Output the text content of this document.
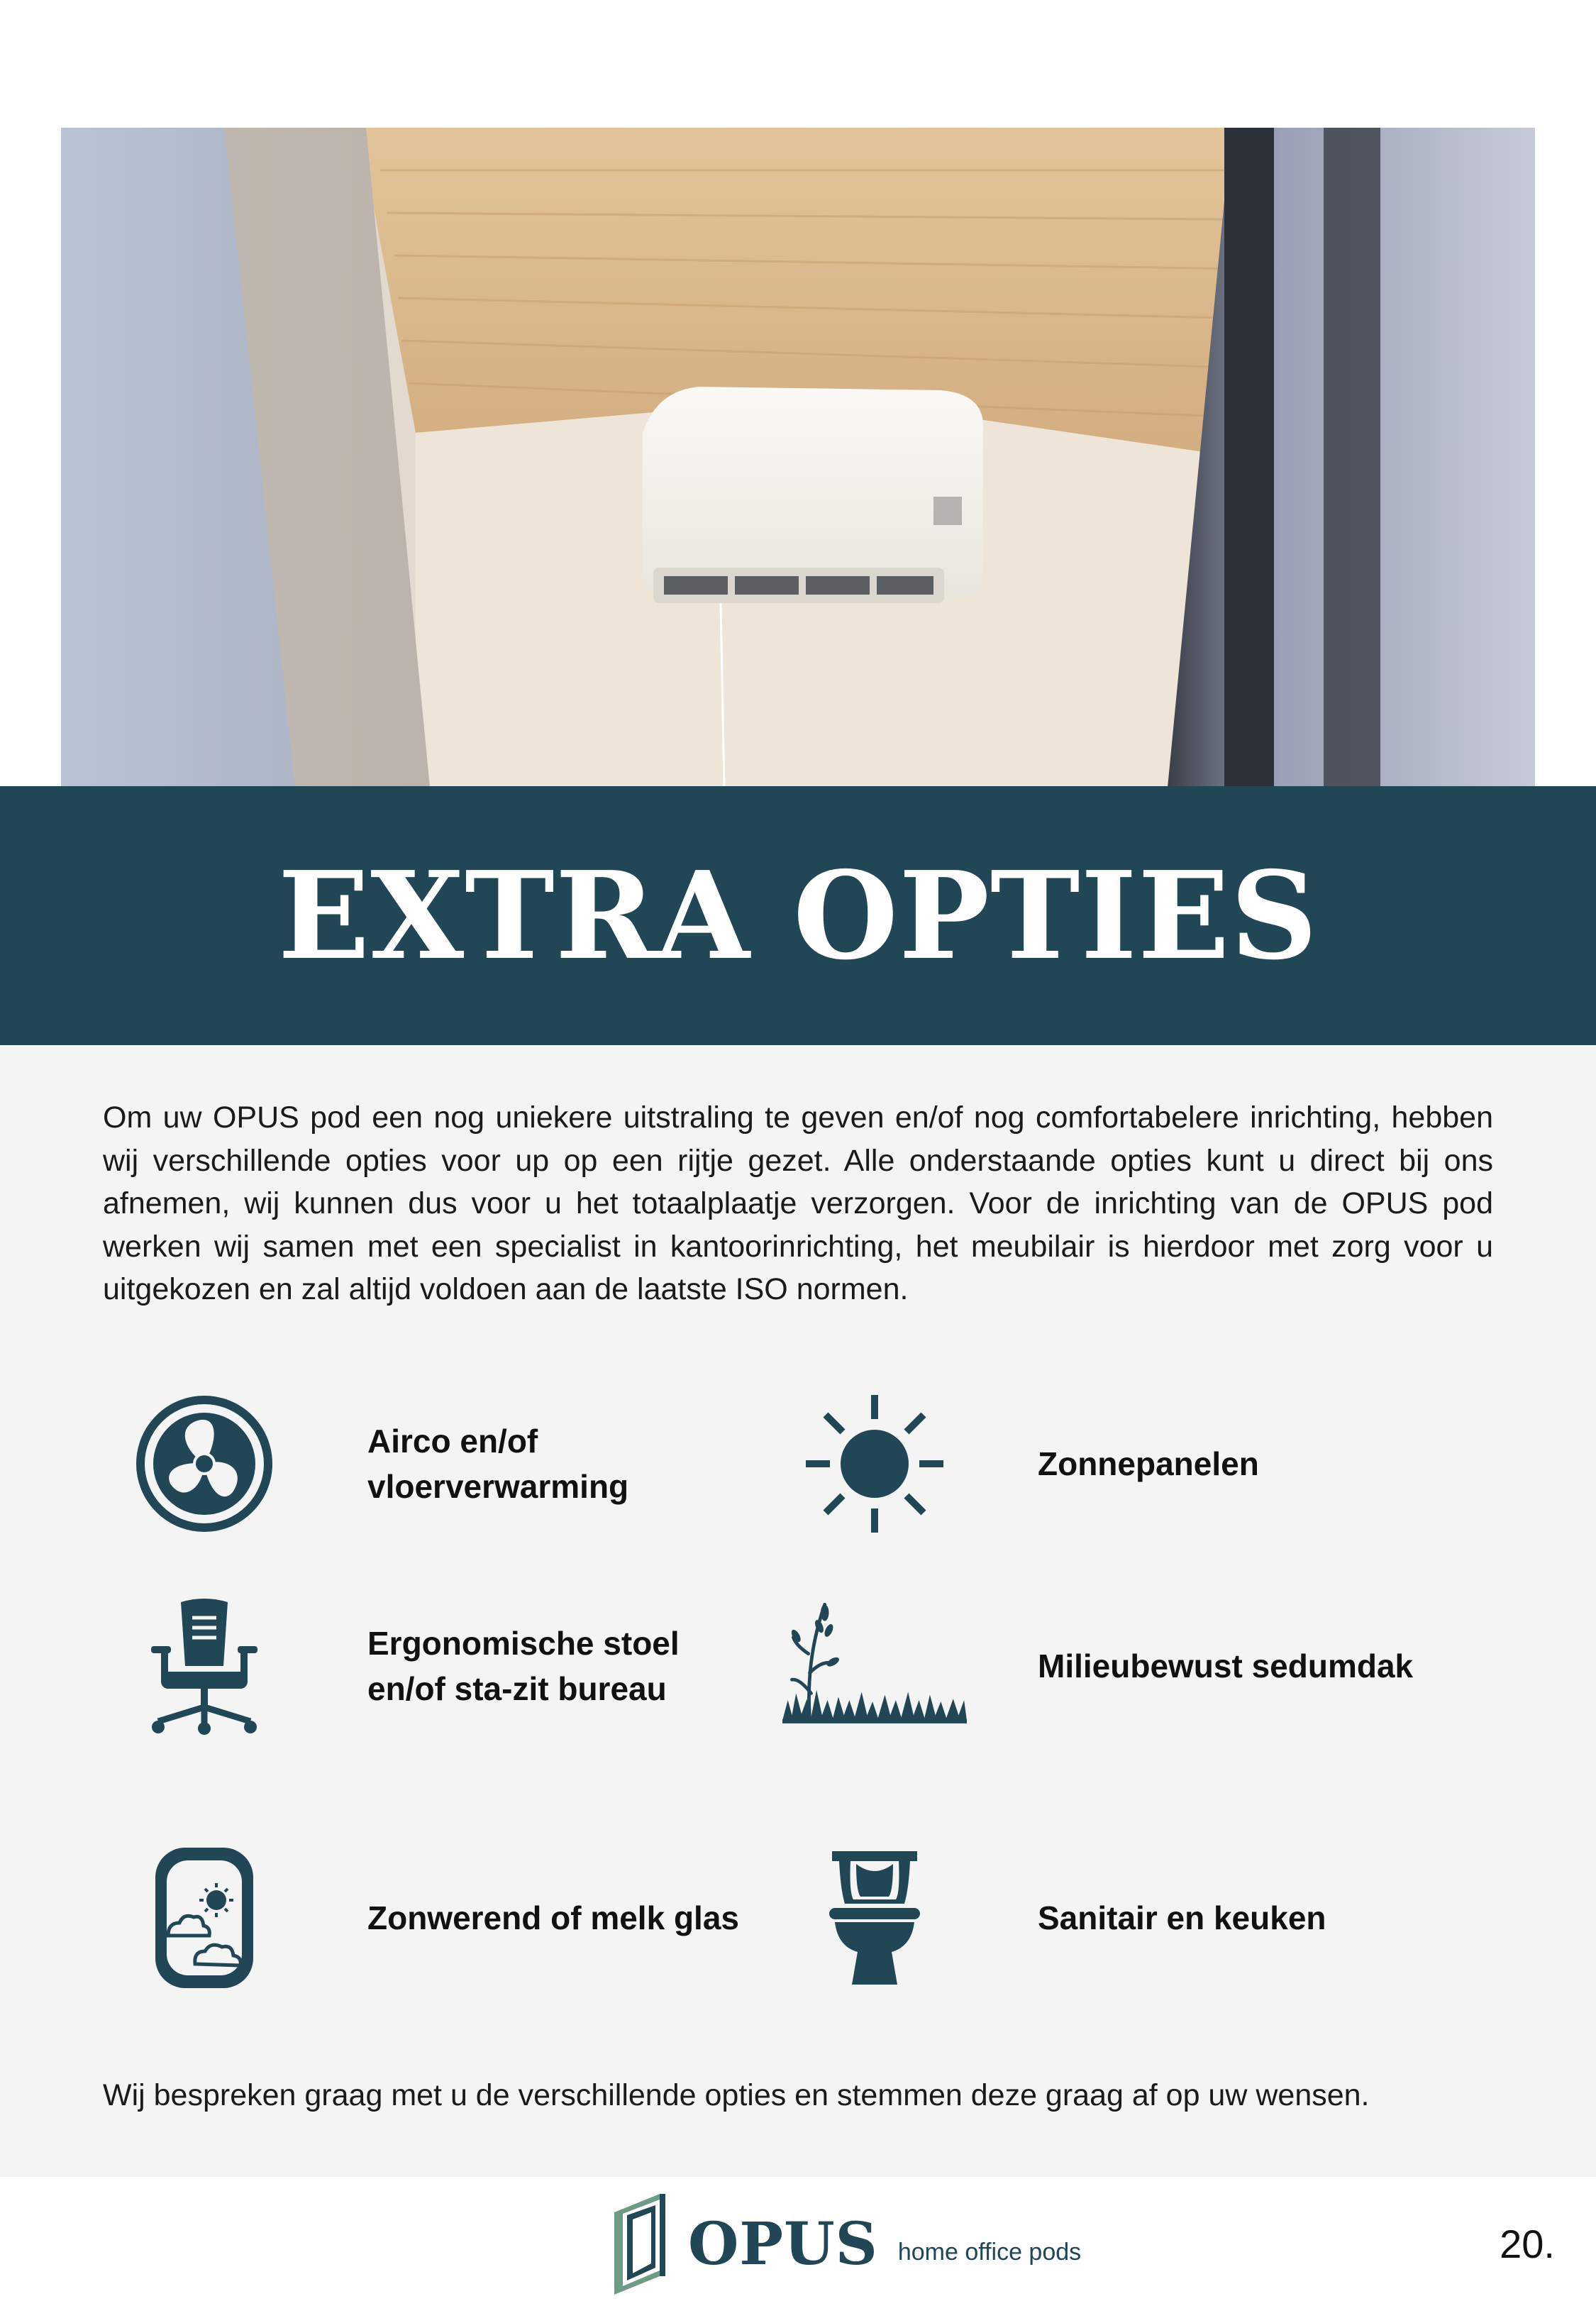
EXTRA OPTIES

Om uw OPUS pod een nog uniekere uitstraling te geven en/of nog comfortabelere inrichting, hebben wij verschillende opties voor up op een rijtje gezet. Alle onderstaande opties kunt u direct bij ons afnemen, wij kunnen dus voor u het totaalplaatje verzorgen. Voor de inrichting van de OPUS pod werken wij samen met een specialist in kantoorinrichting, het meubilair is hierdoor met zorg voor u uitgekozen en zal altijd voldoen aan de laatste ISO normen.

Airco en/of
vloerverwarming
Zonnepanelen
Ergonomische stoel
en/of sta-zit bureau
Milieubewust sedumdak
Zonwerend of melk glas	Sanitair en keuken

Wij bespreken graag met u de verschillende opties en stemmen deze graag af op uw wensen.

OPUS home office pods	20.
